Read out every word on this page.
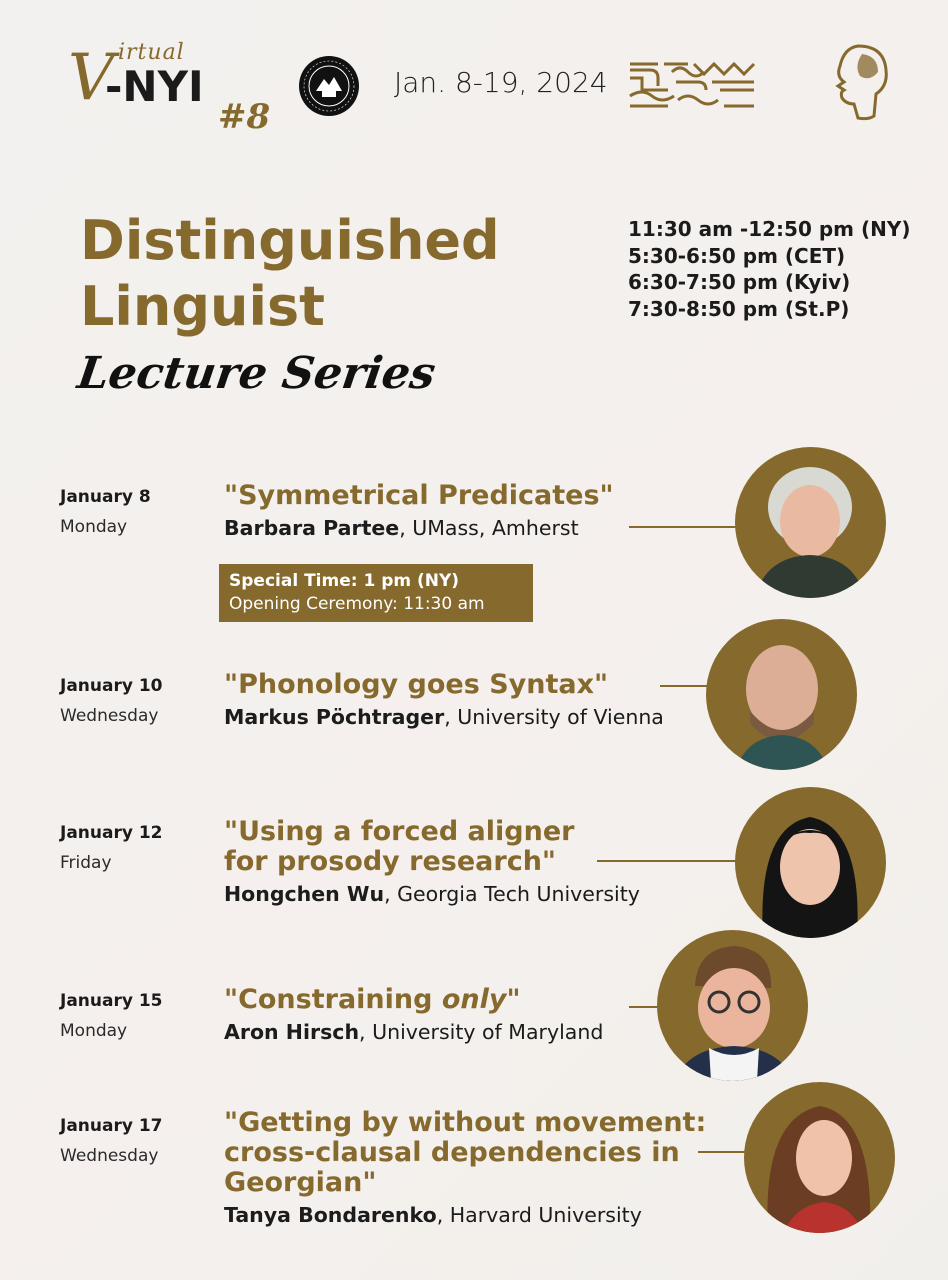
irtual
V
-NYI
#8
Jan. 8-19, 2024
Distinguished
Linguist
Lecture Series
11:30 am -12:50 pm (NY)
5:30-6:50 pm (CET)
6:30-7:50 pm (Kyiv)
7:30-8:50 pm (St.P)
January 8
Monday
"Symmetrical Predicates"
Barbara Partee, UMass, Amherst
Special Time: 1 pm (NY)
Opening Ceremony: 11:30 am
January 10
Wednesday
"Phonology goes Syntax"
Markus Pöchtrager, University of Vienna
January 12
Friday
"Using a forced aligner
for prosody research"
Hongchen Wu, Georgia Tech University
January 15
Monday
"Constraining only"
Aron Hirsch, University of Maryland
January 17
Wednesday
"Getting by without movement:
cross-clausal dependencies in
Georgian"
Tanya Bondarenko, Harvard University
